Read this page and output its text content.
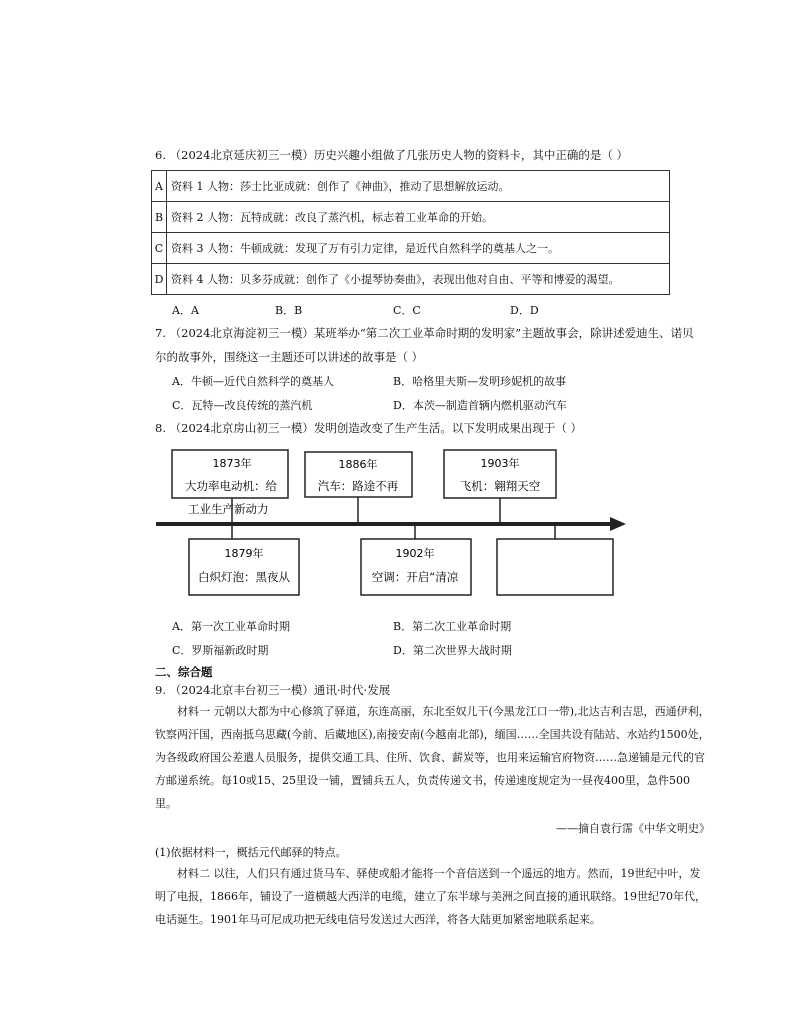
6. （2024北京延庆初三一模）历史兴趣小组做了几张历史人物的资料卡，其中正确的是（ ）
A	资料 1 人物：莎士比亚成就：创作了《神曲》，推动了思想解放运动。
B	资料 2 人物：瓦特成就：改良了蒸汽机，标志着工业革命的开始。
C	资料 3 人物：牛顿成就：发现了万有引力定律，是近代自然科学的奠基人之一。
D	资料 4 人物：贝多芬成就：创作了《小提琴协奏曲》，表现出他对自由、平等和博爱的渴望。
A．A	B．B	C．C	D．D
7. （2024北京海淀初三一模）某班举办“第二次工业革命时期的发明家”主题故事会，除讲述爱迪生、诺贝
尔的故事外，围绕这一主题还可以讲述的故事是（ ）
A．牛顿—近代自然科学的奠基人	B．哈格里夫斯—发明珍妮机的故事
C．瓦特—改良传统的蒸汽机	D．本茨—制造首辆内燃机驱动汽车
8. （2024北京房山初三一模）发明创造改变了生产生活。以下发明成果出现于（ ）
1873年
大功率电动机：给
1886年
汽车：路途不再
1903年
飞机：翱翔天空
工业生产新动力
1879年
白炽灯泡：黑夜从
1902年
空调：开启“清凉
A．第一次工业革命时期	B．第二次工业革命时期
C．罗斯福新政时期	D．第二次世界大战时期
二、综合题
9. （2024北京丰台初三一模）通讯·时代·发展
材料一 元朝以大都为中心修筑了驿道，东连高丽，东北至奴儿干(今黑龙江口一带),北达吉利吉思，西通伊利，钦察两汗国，西南抵乌思藏(今前、后藏地区),南接安南(今越南北部)，缅国……全国共设有陆站、水站约1500处，为各级政府国公差遣人员服务，提供交通工具、住所、饮食、薪炭等，也用来运输官府物资……急递铺是元代的官方邮递系统。每10或15、25里设一铺，置铺兵五人，负责传递文书，传递速度规定为一昼夜400里，急件500里。
——摘自袁行霈《中华文明史》
(1)依据材料一，概括元代邮驿的特点。
材料二 以往，人们只有通过货马车、驿使或船才能将一个音信送到一个遥远的地方。然而，19世纪中叶，发明了电报，1866年，铺设了一道横越大西洋的电缆，建立了东半球与美洲之间直接的通讯联络。19世纪70年代，电话诞生。1901年马可尼成功把无线电信号发送过大西洋，将各大陆更加紧密地联系起来。
